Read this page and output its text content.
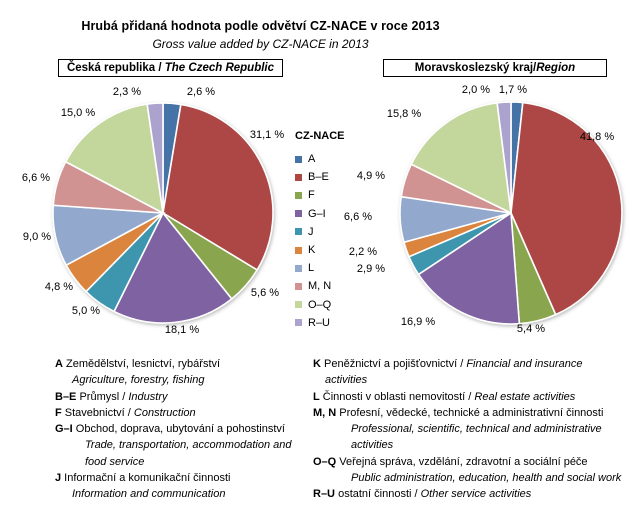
Hrubá přidaná hodnota podle odvětví CZ-NACE v roce 2013
Gross value added by CZ-NACE in 2013
Česká republika / The Czech Republic	Moravskoslezský kraj/Region
CZ-NACE
A
B–E
F
G–I
J
K
L
M, N
O–Q
R–U
A Zemědělství, lesnictví, rybářství
Agriculture, forestry, fishing
B–E Průmysl / Industry
F Stavebnictví / Construction
G–I Obchod, doprava, ubytování a pohostinství
Trade, transportation, accommodation and
food service
J Informační a komunikační činnosti
Information and communication
K Peněžnictví a pojišťovnictví / Financial and insurance
activities
L Činnosti v oblasti nemovitostí / Real estate activities
M, N Profesní, vědecké, technické a administrativní činnosti
Professional, scientific, technical and administrative
activities
O–Q Veřejná správa, vzdělání, zdravotní a sociální péče
Public administration, education, health and social work
R–U ostatní činnosti / Other service activities
2,6 %
31,1 %
5,6 %
18,1 %
5,0 %
4,8 %
9,0 %
6,6 %
15,0 %
2,3 %	1,7 %
41,8 %
5,4 %
16,9 %
2,9 %
2,2 %
6,6 %
4,9 %
15,8 %
2,0 %
